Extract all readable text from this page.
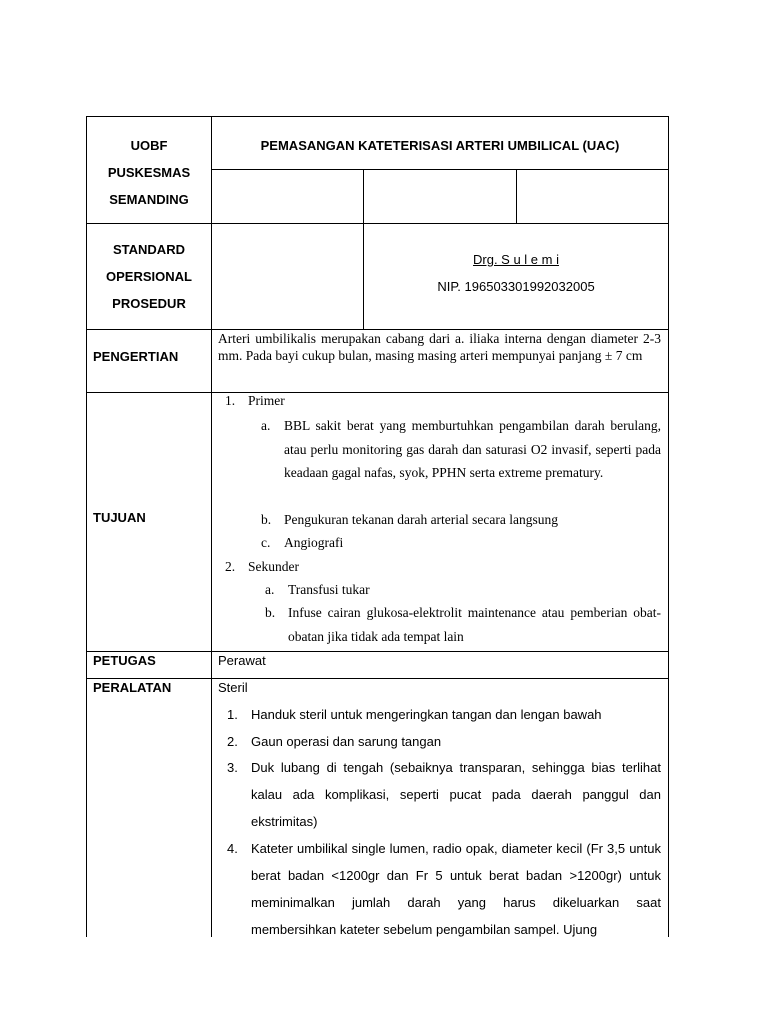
UOBF
PUSKESMAS
SEMANDING
PEMASANGAN KATETERISASI ARTERI UMBILICAL (UAC)
STANDARD
OPERSIONAL
PROSEDUR
Drg. S u l e m i
NIP. 196503301992032005
PENGERTIAN
Arteri umbilikalis merupakan cabang dari a. iliaka interna dengan diameter 2-3 mm. Pada bayi cukup bulan, masing masing arteri mempunyai panjang ± 7 cm
TUJUAN
1. Primer
a. BBL sakit berat yang memburtuhkan pengambilan darah berulang, atau perlu monitoring gas darah dan saturasi O2 invasif, seperti pada keadaan gagal nafas, syok, PPHN serta extreme prematury.
b. Pengukuran tekanan darah arterial secara langsung
c. Angiografi
2. Sekunder
a. Transfusi tukar
b. Infuse cairan glukosa-elektrolit maintenance atau pemberian obat-obatan jika tidak ada tempat lain
PETUGAS	Perawat
PERALATAN	Steril
1. Handuk steril untuk mengeringkan tangan dan lengan bawah
2. Gaun operasi dan sarung tangan
3. Duk lubang di tengah (sebaiknya transparan, sehingga bias terlihat kalau ada komplikasi, seperti pucat pada daerah panggul dan ekstrimitas)
4. Kateter umbilikal single lumen, radio opak, diameter kecil (Fr 3,5 untuk berat badan <1200gr dan Fr 5 untuk berat badan >1200gr) untuk meminimalkan jumlah darah yang harus dikeluarkan saat membersihkan kateter sebelum pengambilan sampel. Ujung
